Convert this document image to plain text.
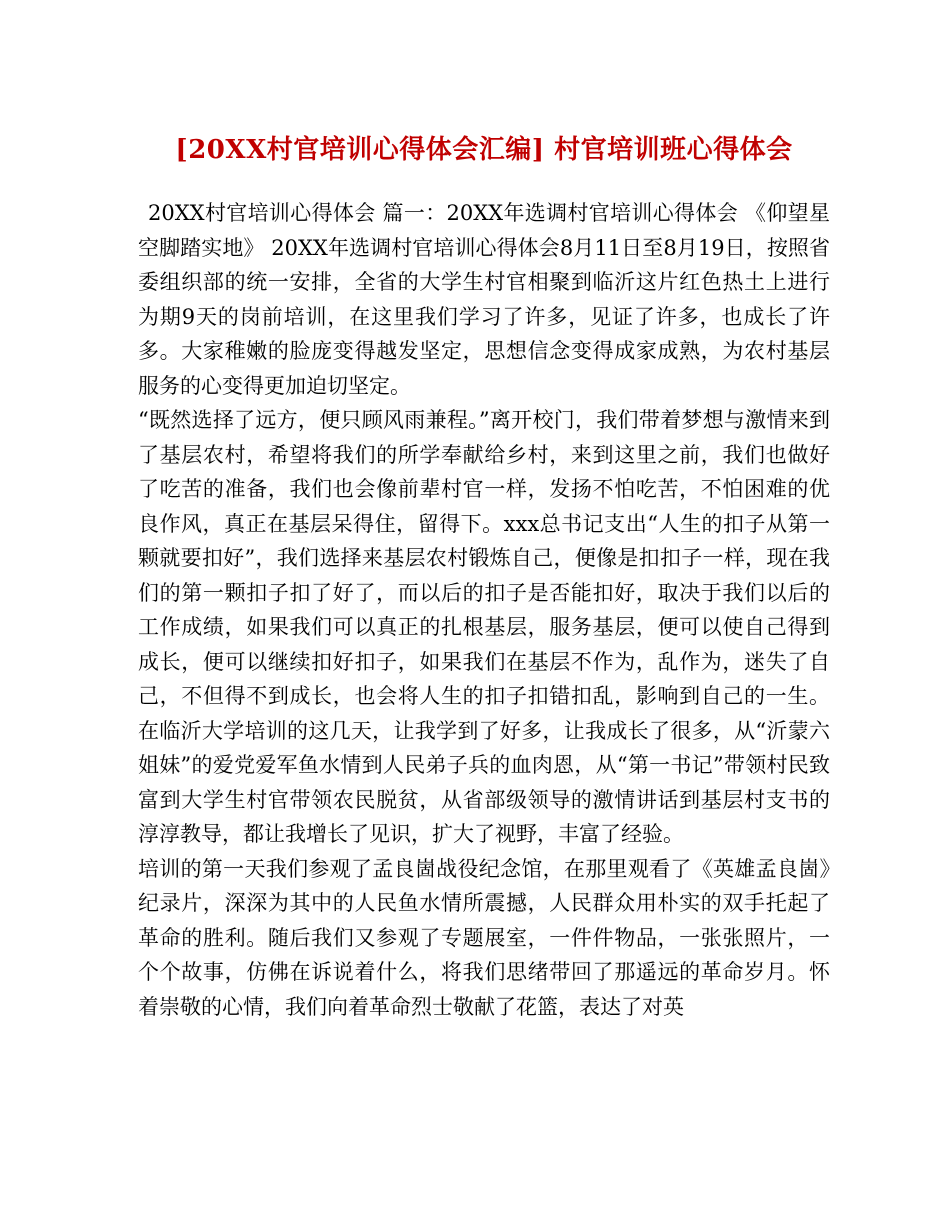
[20XX村官培训心得体会汇编] 村官培训班心得体会

20XX村官培训心得体会 篇一：20XX年选调村官培训心得体会 《仰望星空脚踏实地》 20XX年选调村官培训心得体会8月11日至8月19日，按照省委组织部的统一安排，全省的大学生村官相聚到临沂这片红色热土上进行为期9天的岗前培训，在这里我们学习了许多，见证了许多，也成长了许多。大家稚嫩的脸庞变得越发坚定，思想信念变得成家成熟，为农村基层服务的心变得更加迫切坚定。

“既然选择了远方，便只顾风雨兼程。”离开校门，我们带着梦想与激情来到了基层农村，希望将我们的所学奉献给乡村，来到这里之前，我们也做好了吃苦的准备，我们也会像前辈村官一样，发扬不怕吃苦，不怕困难的优良作风，真正在基层呆得住，留得下。xxx总书记支出“人生的扣子从第一颗就要扣好”，我们选择来基层农村锻炼自己，便像是扣扣子一样，现在我们的第一颗扣子扣了好了，而以后的扣子是否能扣好，取决于我们以后的工作成绩，如果我们可以真正的扎根基层，服务基层，便可以使自己得到成长，便可以继续扣好扣子，如果我们在基层不作为，乱作为，迷失了自己，不但得不到成长，也会将人生的扣子扣错扣乱，影响到自己的一生。在临沂大学培训的这几天，让我学到了好多，让我成长了很多，从“沂蒙六姐妹”的爱党爱军鱼水情到人民弟子兵的血肉恩，从“第一书记”带领村民致富到大学生村官带领农民脱贫，从省部级领导的激情讲话到基层村支书的淳淳教导，都让我增长了见识，扩大了视野，丰富了经验。

培训的第一天我们参观了孟良崮战役纪念馆，在那里观看了《英雄孟良崮》纪录片，深深为其中的人民鱼水情所震撼，人民群众用朴实的双手托起了革命的胜利。随后我们又参观了专题展室，一件件物品，一张张照片，一个个故事，仿佛在诉说着什么，将我们思绪带回了那遥远的革命岁月。怀着崇敬的心情，我们向着革命烈士敬献了花篮，表达了对英
